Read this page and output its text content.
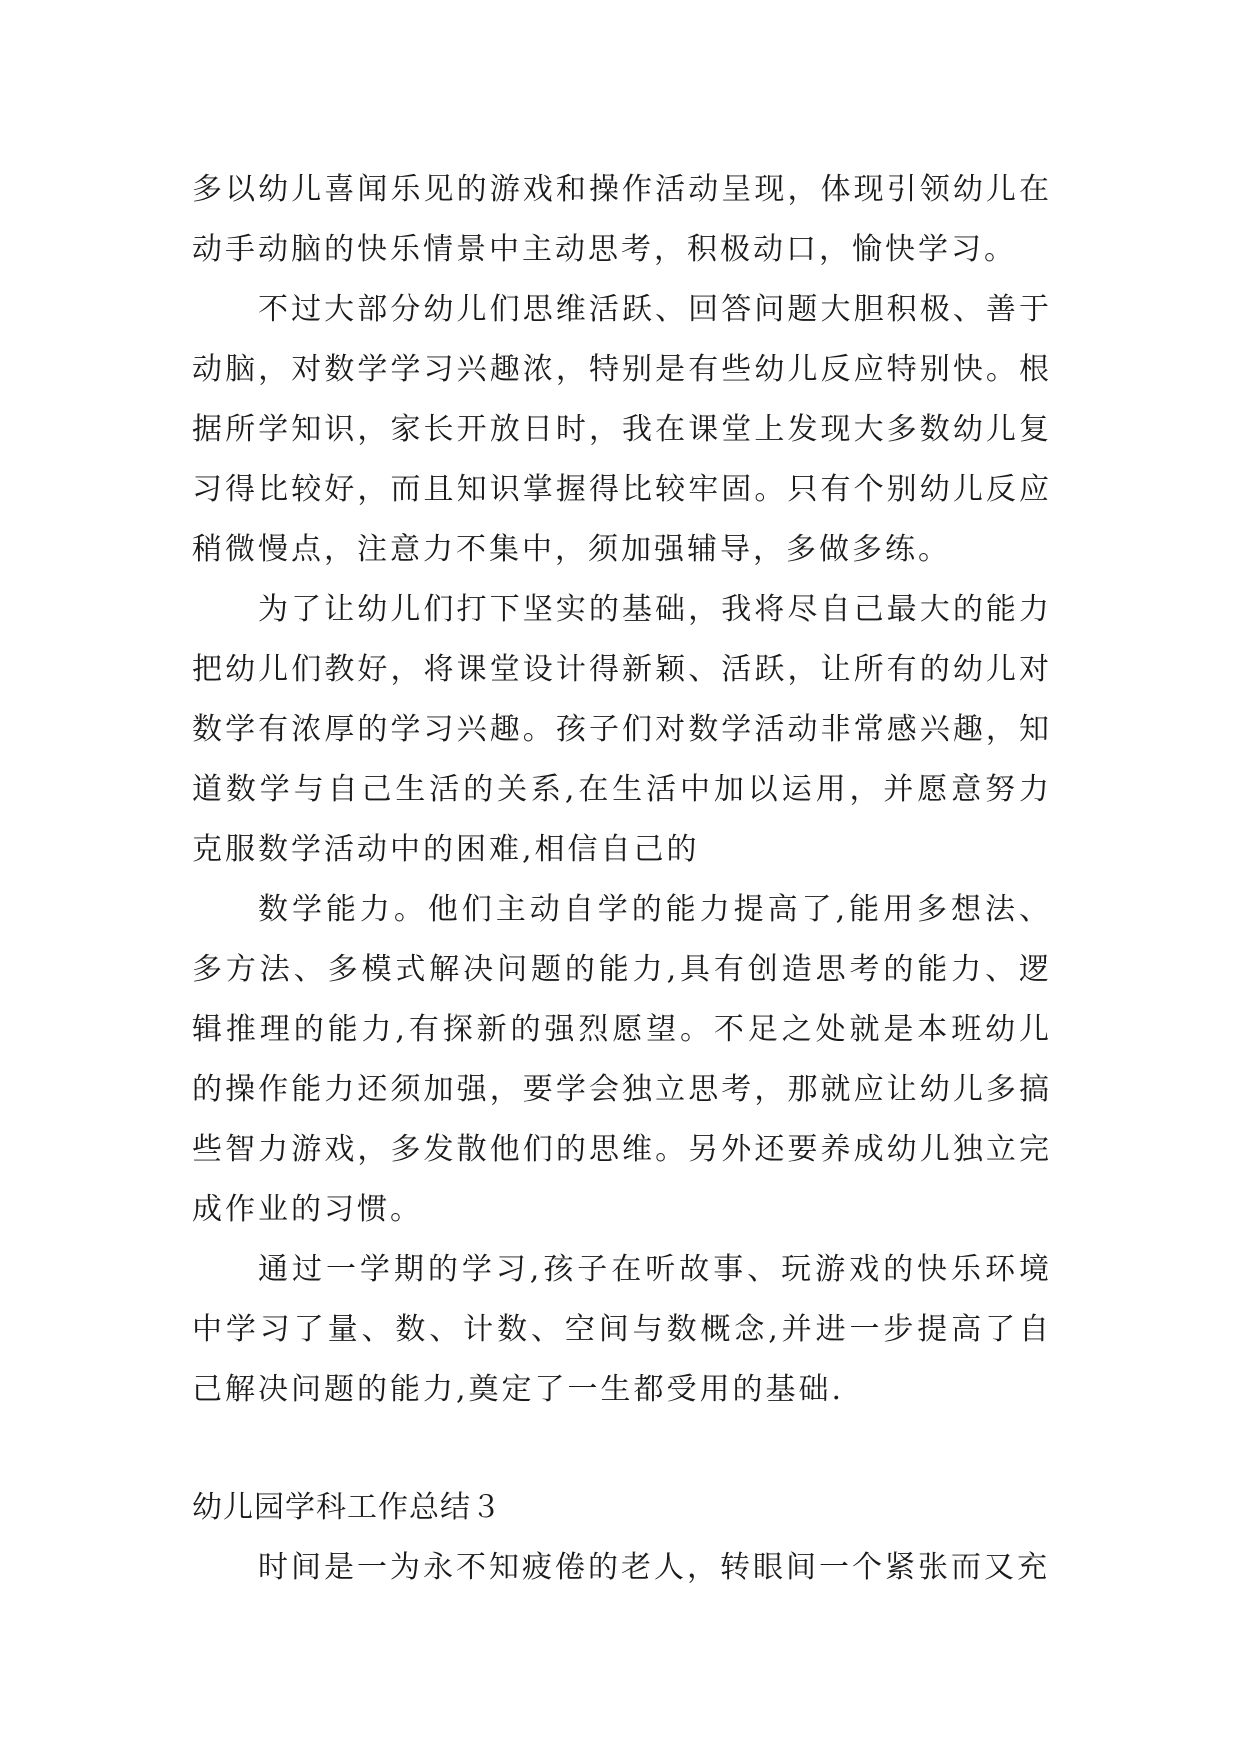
多以幼儿喜闻乐见的游戏和操作活动呈现，体现引领幼儿在动手动脑的快乐情景中主动思考，积极动口，愉快学习。

不过大部分幼儿们思维活跃、回答问题大胆积极、善于动脑，对数学学习兴趣浓，特别是有些幼儿反应特别快。根据所学知识，家长开放日时，我在课堂上发现大多数幼儿复习得比较好，而且知识掌握得比较牢固。只有个别幼儿反应稍微慢点，注意力不集中，须加强辅导，多做多练。

为了让幼儿们打下坚实的基础，我将尽自己最大的能力把幼儿们教好，将课堂设计得新颖、活跃，让所有的幼儿对数学有浓厚的学习兴趣。孩子们对数学活动非常感兴趣，知道数学与自己生活的关系,在生活中加以运用，并愿意努力克服数学活动中的困难,相信自己的

数学能力。他们主动自学的能力提高了,能用多想法、多方法、多模式解决问题的能力,具有创造思考的能力、逻辑推理的能力,有探新的强烈愿望。不足之处就是本班幼儿的操作能力还须加强，要学会独立思考，那就应让幼儿多搞些智力游戏，多发散他们的思维。另外还要养成幼儿独立完成作业的习惯。

通过一学期的学习,孩子在听故事、玩游戏的快乐环境中学习了量、数、计数、空间与数概念,并进一步提高了自己解决问题的能力,奠定了一生都受用的基础.

幼儿园学科工作总结３

时间是一为永不知疲倦的老人，转眼间一个紧张而又充
